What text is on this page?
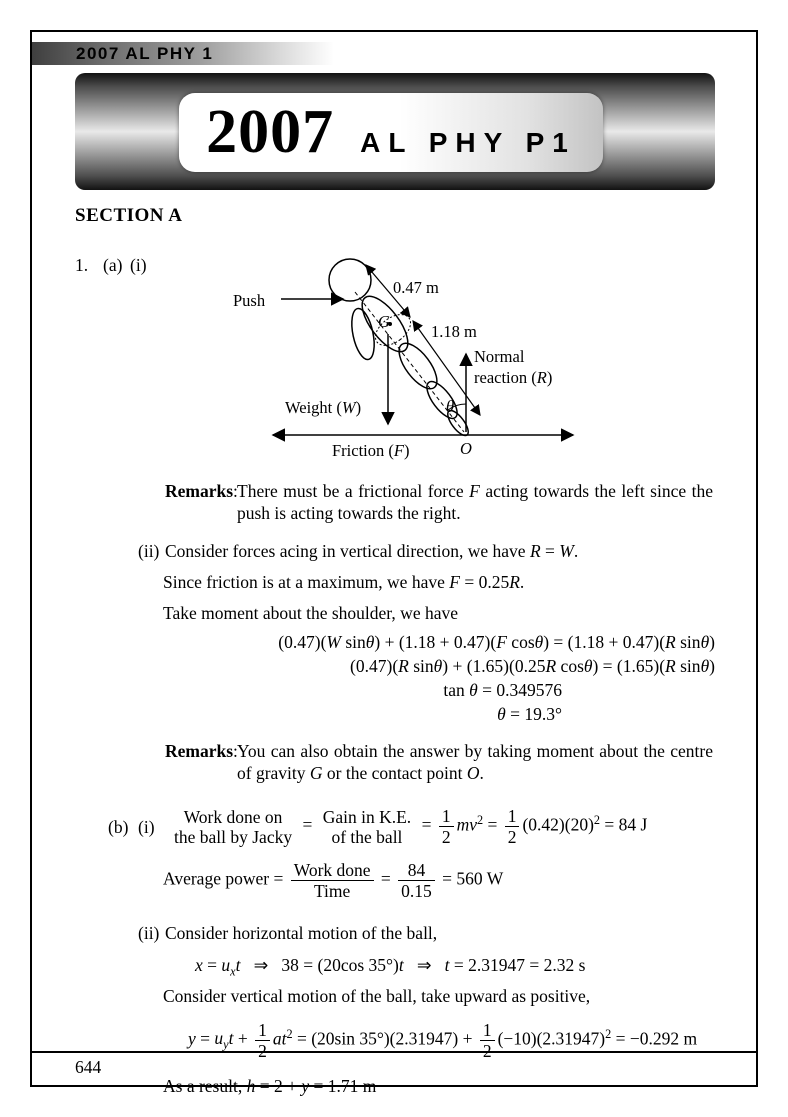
2007 AL PHY 1
2007 AL PHY P1
SECTION A
1. (a) (i)
Push
0.47 m
1.18 m
G
Normal
reaction (R)
Weight (W)	θ
Friction (F)	O
Remarks: There must be a frictional force F acting towards the left since the push is acting towards the right.
(ii) Consider forces acing in vertical direction, we have R = W.
Since friction is at a maximum, we have F = 0.25R.
Take moment about the shoulder, we have
(0.47)(W sinθ) + (1.18 + 0.47)(F cosθ) = (1.18 + 0.47)(R sinθ)
(0.47)(R sinθ) + (1.65)(0.25R cosθ) = (1.65)(R sinθ)
tan θ = 0.349576
θ = 19.3°
Remarks: You can also obtain the answer by taking moment about the centre of gravity G or the contact point O.
(b) (i)
Work done on
the ball by Jacky
= Gain in K.E.
of the ball
= $\frac{1}{2} mv^2 = \frac{1}{2} (0.42)(20)^2 = 84$ J
Average power = $\frac{\text{Work done}}{\text{Time}} = \frac{84}{0.15} = 560$ W
(ii) Consider horizontal motion of the ball,
$x = u_xt$   ⇒   38 = (20cos 35°)t   ⇒   t = 2.31947 = 2.32 s
Consider vertical motion of the ball, take upward as positive,
$y = u_yt + \frac{1}{2} at^2 = (20\sin$ $35^\circ)(2.31947) + \frac{1}{2} (-10)(2.31947)^2 = -0.292$ m
As a result, h = 2 + y = 1.71 m
644
